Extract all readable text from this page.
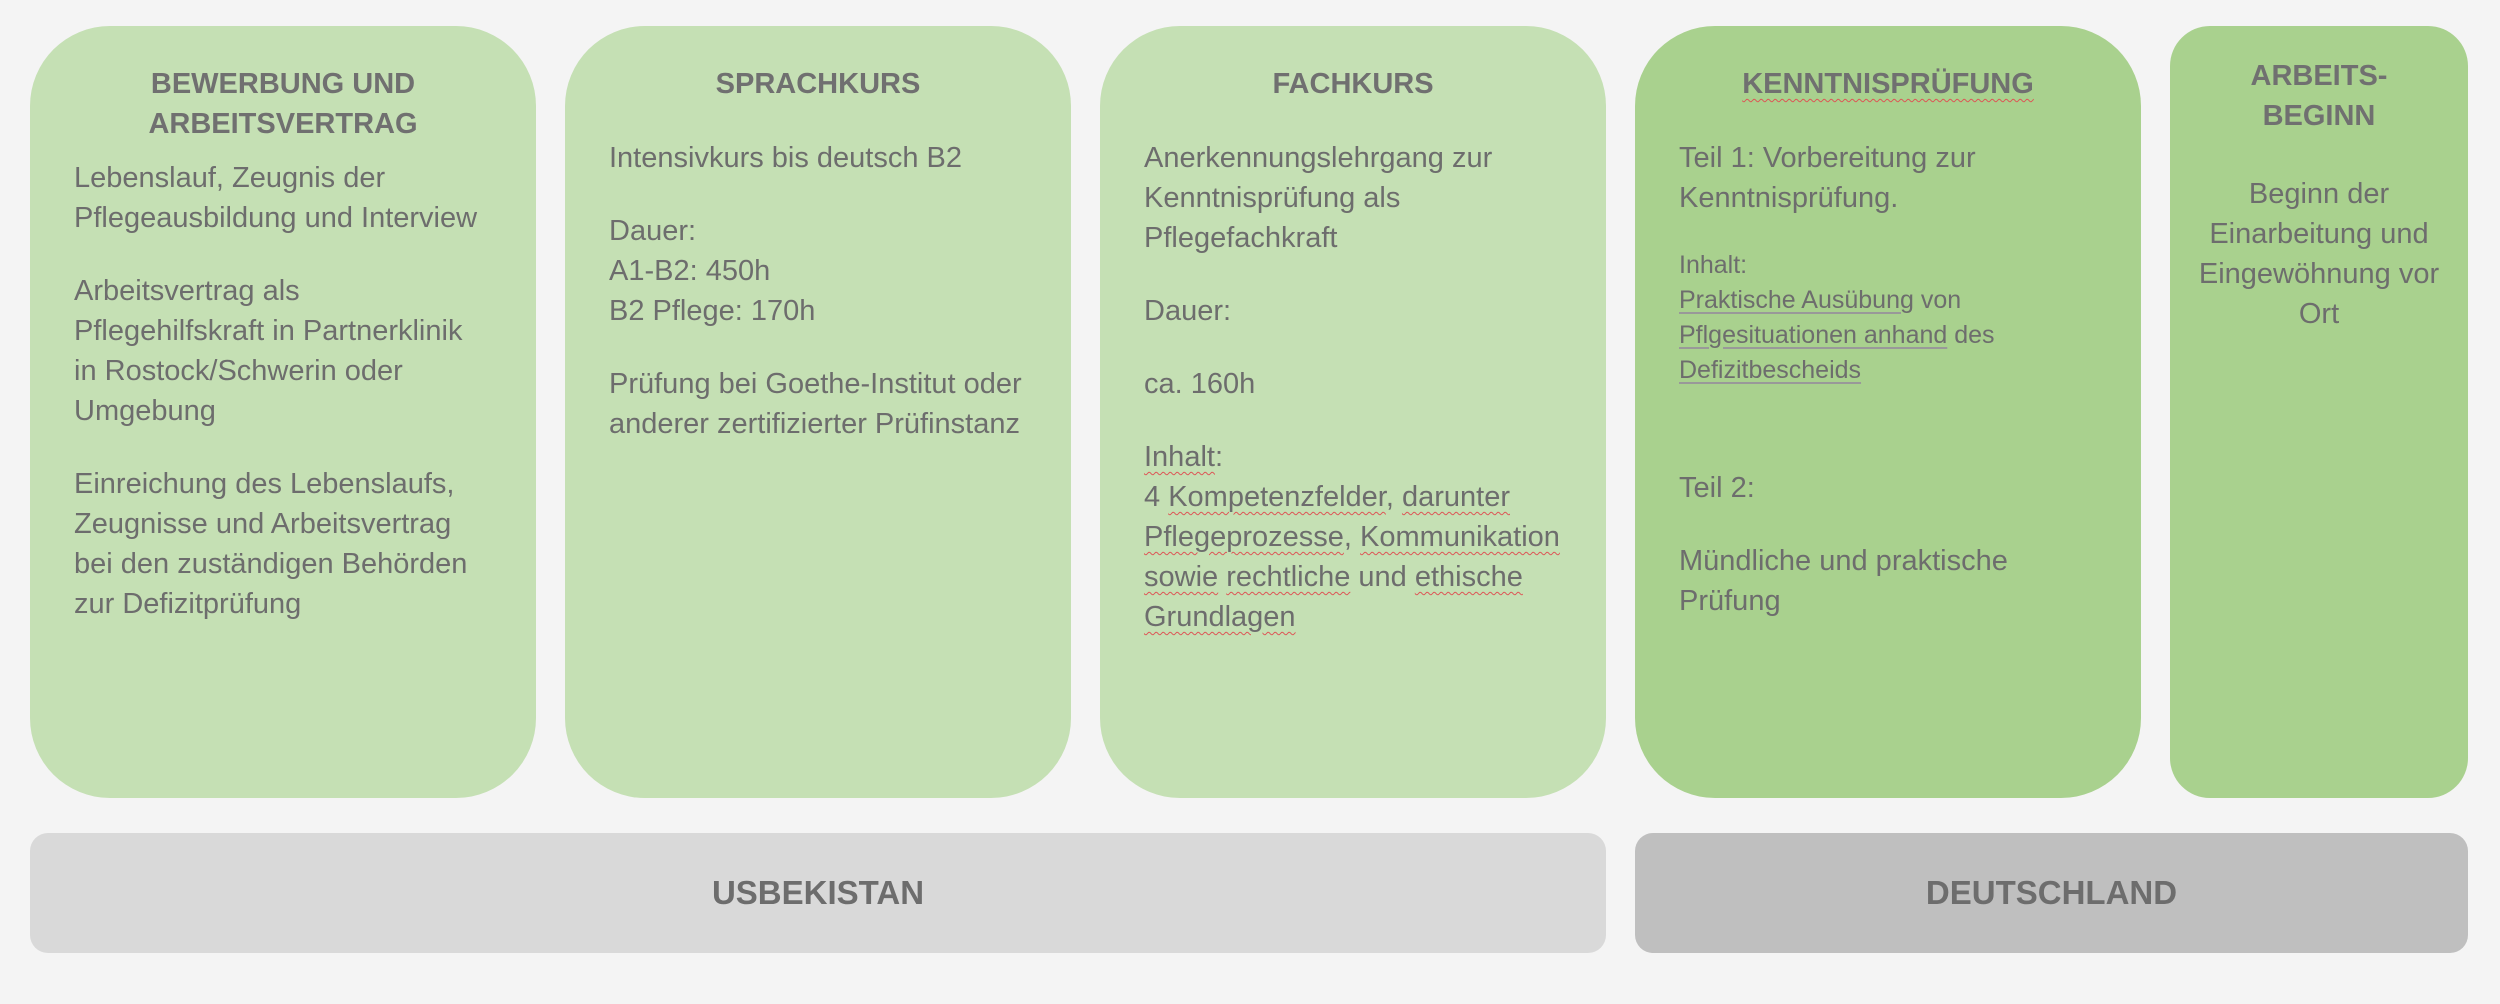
BEWERBUNG UND
ARBEITSVERTRAG

Lebenslauf, Zeugnis der Pflegeausbildung und Interview

Arbeitsvertrag als Pflegehilfskraft in Partnerklinik in Rostock/Schwerin oder Umgebung

Einreichung des Lebenslaufs, Zeugnisse und Arbeitsvertrag bei den zuständigen Behörden zur Defizitprüfung

SPRACHKURS

Intensivkurs bis deutsch B2

Dauer:

A1-B2: 450h

B2 Pflege: 170h

Prüfung bei Goethe-Institut oder anderer zertifizierter Prüfinstanz

FACHKURS

Anerkennungslehrgang zur Kenntnisprüfung als Pflegefachkraft

Dauer:

ca. 160h

Inhalt:

4 Kompetenzfelder, darunter Pflegeprozesse, Kommunikation sowie rechtliche und ethische Grundlagen

KENNTNISPRÜFUNG

Teil 1: Vorbereitung zur Kenntnisprüfung.

Inhalt:

Praktische Ausübung von Pflgesituationen anhand des Defizitbescheids

Teil 2:

Mündliche und praktische Prüfung

ARBEITS-
BEGINN

Beginn der Einarbeitung und Eingewöhnung vor Ort

USBEKISTAN	DEUTSCHLAND
